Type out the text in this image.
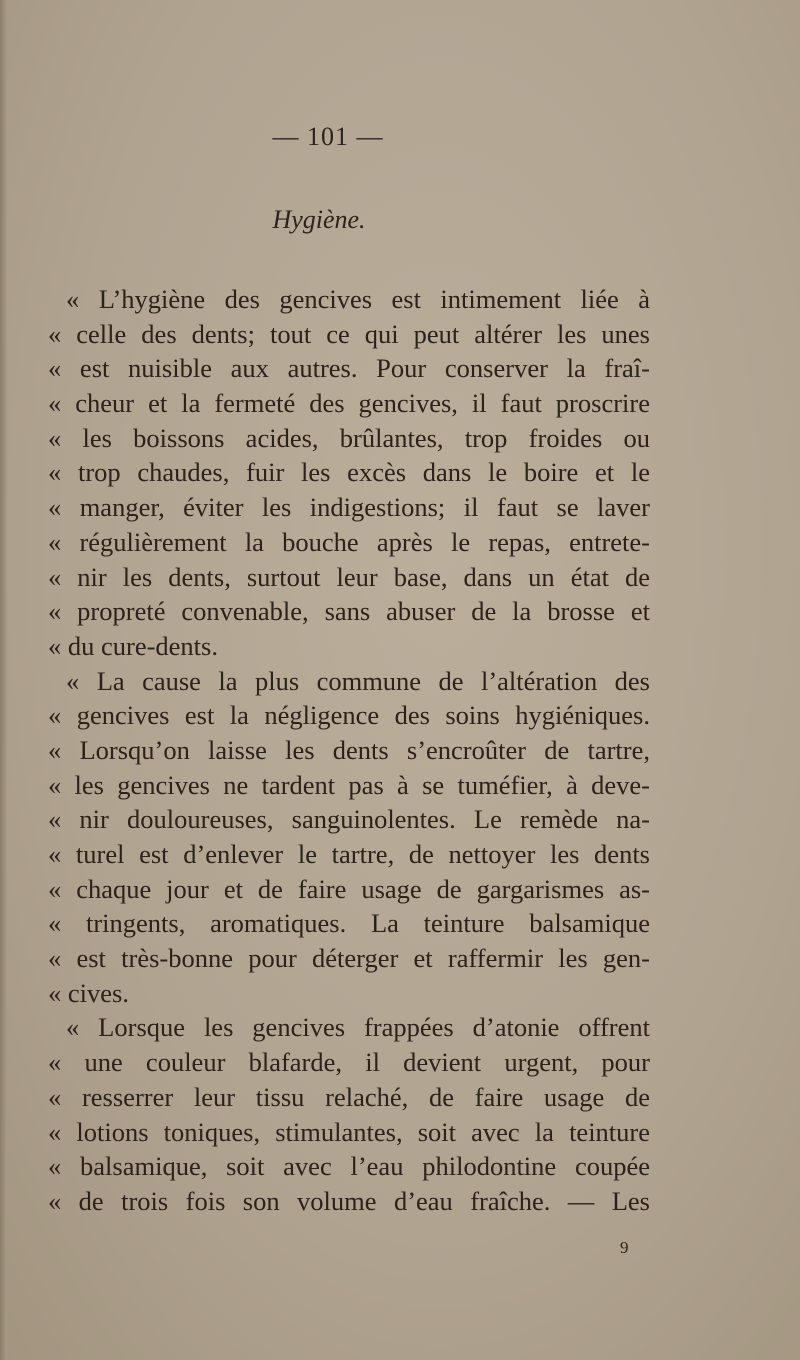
— 101 —
Hygiène.
« L’hygiène des gencives est intimement liée à
« celle des dents; tout ce qui peut altérer les unes
« est nuisible aux autres. Pour conserver la fraî-
« cheur et la fermeté des gencives, il faut proscrire
« les boissons acides, brûlantes, trop froides ou
« trop chaudes, fuir les excès dans le boire et le
« manger, éviter les indigestions; il faut se laver
« régulièrement la bouche après le repas, entrete-
« nir les dents, surtout leur base, dans un état de
« propreté convenable, sans abuser de la brosse et
« du cure-dents.
« La cause la plus commune de l’altération des
« gencives est la négligence des soins hygiéniques.
« Lorsqu’on laisse les dents s’encroûter de tartre,
« les gencives ne tardent pas à se tuméfier, à deve-
« nir douloureuses, sanguinolentes. Le remède na-
« turel est d’enlever le tartre, de nettoyer les dents
« chaque jour et de faire usage de gargarismes as-
« tringents, aromatiques. La teinture balsamique
« est très-bonne pour déterger et raffermir les gen-
« cives.
« Lorsque les gencives frappées d’atonie offrent
« une couleur blafarde, il devient urgent, pour
« resserrer leur tissu relaché, de faire usage de
« lotions toniques, stimulantes, soit avec la teinture
« balsamique, soit avec l’eau philodontine coupée
« de trois fois son volume d’eau fraîche. — Les
9
